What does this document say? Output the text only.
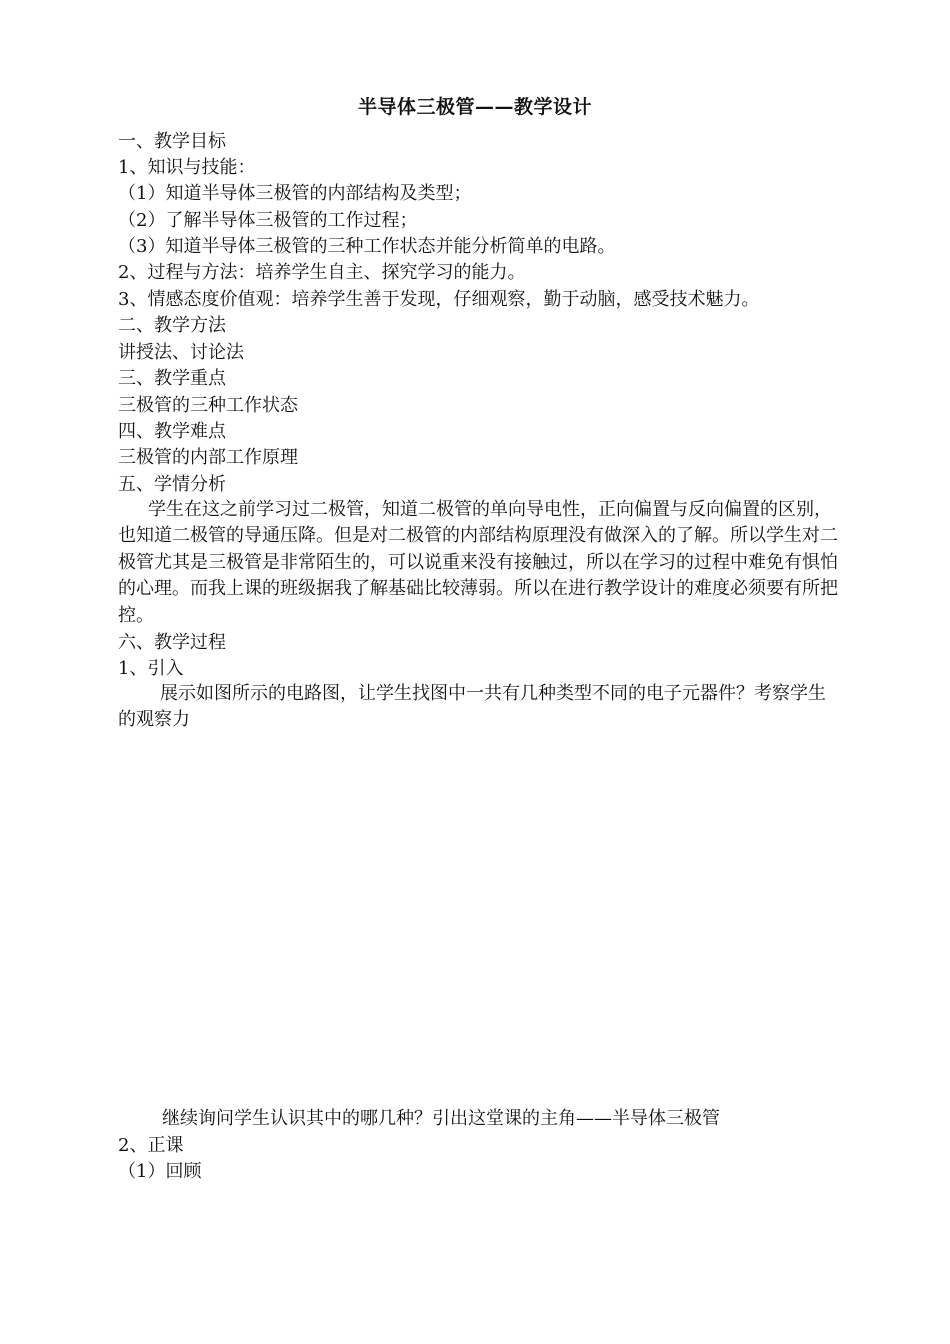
半导体三极管——教学设计
一、教学目标
1、知识与技能：
（1）知道半导体三极管的内部结构及类型；
（2）了解半导体三极管的工作过程；
（3）知道半导体三极管的三种工作状态并能分析简单的电路。
2、过程与方法：培养学生自主、探究学习的能力。
3、情感态度价值观：培养学生善于发现，仔细观察，勤于动脑，感受技术魅力。
二、教学方法
讲授法、讨论法
三、教学重点
三极管的三种工作状态
四、教学难点
三极管的内部工作原理
五、学情分析

学生在这之前学习过二极管，知道二极管的单向导电性，正向偏置与反向偏置的区别，也知道二极管的导通压降。但是对二极管的内部结构原理没有做深入的了解。所以学生对二极管尤其是三极管是非常陌生的，可以说重来没有接触过，所以在学习的过程中难免有惧怕的心理。而我上课的班级据我了解基础比较薄弱。所以在进行教学设计的难度必须要有所把控。

六、教学过程
1、引入

展示如图所示的电路图，让学生找图中一共有几种类型不同的电子元器件？考察学生的观察力

继续询问学生认识其中的哪几种？引出这堂课的主角——半导体三极管
2、正课
（1）回顾
